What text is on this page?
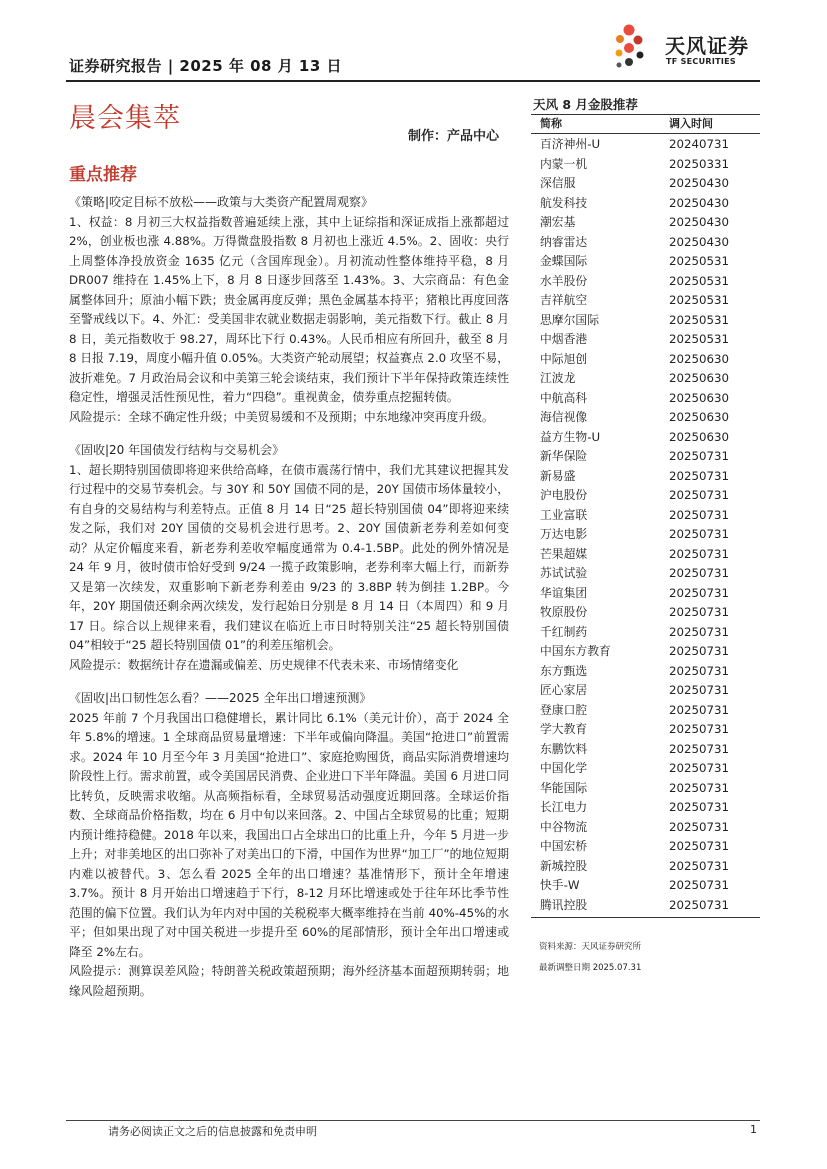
证券研究报告 | 2025 年 08 月 13 日
天风证券
TF SECURITIES
晨会集萃
制作：产品中心
重点推荐
《策略|咬定目标不放松——政策与大类资产配置周观察》
1、权益：8 月初三大权益指数普遍延续上涨，其中上证综指和深证成指上涨都超过 2%，创业板也涨 4.88%。万得微盘股指数 8 月初也上涨近 4.5%。2、固收：央行上周整体净投放资金 1635 亿元（含国库现金）。月初流动性整体维持平稳，8 月 DR007 维持在 1.45%上下，8 月 8 日逐步回落至 1.43%。3、大宗商品：有色金属整体回升；原油小幅下跌；贵金属再度反弹；黑色金属基本持平；猪粮比再度回落至警戒线以下。4、外汇：受美国非农就业数据走弱影响，美元指数下行。截止 8 月 8 日，美元指数收于 98.27，周环比下行 0.43%。人民币相应有所回升，截至 8 月 8 日报 7.19，周度小幅升值 0.05%。大类资产轮动展望；权益赛点 2.0 攻坚不易，波折难免。7 月政治局会议和中美第三轮会谈结束，我们预计下半年保持政策连续性稳定性，增强灵活性预见性，着力“四稳”。重视黄金，债券重点挖掘转债。
风险提示：全球不确定性升级；中美贸易缓和不及预期；中东地缘冲突再度升级。
《固收|20 年国债发行结构与交易机会》
1、超长期特别国债即将迎来供给高峰，在债市震荡行情中，我们尤其建议把握其发行过程中的交易节奏机会。与 30Y 和 50Y 国债不同的是，20Y 国债市场体量较小，有自身的交易结构与利差特点。正值 8 月 14 日“25 超长特别国债 04”即将迎来续发之际，我们对 20Y 国债的交易机会进行思考。2、20Y 国债新老券利差如何变动？从定价幅度来看，新老券利差收窄幅度通常为 0.4-1.5BP。此处的例外情况是 24 年 9 月，彼时债市恰好受到 9/24 一揽子政策影响，老券利率大幅上行，而新券又是第一次续发，双重影响下新老券利差由 9/23 的 3.8BP 转为倒挂 1.2BP。今年，20Y 期国债还剩余两次续发，发行起始日分别是 8 月 14 日（本周四）和 9 月 17 日。综合以上规律来看，我们建议在临近上市日时特别关注“25 超长特别国债 04”相较于“25 超长特别国债 01”的利差压缩机会。
风险提示：数据统计存在遗漏或偏差、历史规律不代表未来、市场情绪变化
《固收|出口韧性怎么看？——2025 全年出口增速预测》
2025 年前 7 个月我国出口稳健增长，累计同比 6.1%（美元计价），高于 2024 全年 5.8%的增速。1 全球商品贸易量增速：下半年或偏向降温。美国“抢进口”前置需求。2024 年 10 月至今年 3 月美国“抢进口”、家庭抢购囤货，商品实际消费增速均阶段性上行。需求前置，或令美国居民消费、企业进口下半年降温。美国 6 月进口同比转负，反映需求收缩。从高频指标看，全球贸易活动强度近期回落。全球运价指数、全球商品价格指数，均在 6 月中旬以来回落。2、中国占全球贸易的比重；短期内预计维持稳健。2018 年以来，我国出口占全球出口的比重上升，今年 5 月进一步上升；对非美地区的出口弥补了对美出口的下滑，中国作为世界“加工厂”的地位短期内难以被替代。3、怎么看 2025 全年的出口增速？基准情形下，预计全年增速 3.7%。预计 8 月开始出口增速趋于下行，8-12 月环比增速或处于往年环比季节性范围的偏下位置。我们认为年内对中国的关税税率大概率维持在当前 40%-45%的水平；但如果出现了对中国关税进一步提升至 60%的尾部情形，预计全年出口增速或降至 2%左右。
风险提示：测算误差风险；特朗普关税政策超预期；海外经济基本面超预期转弱；地缘风险超预期。
天风 8 月金股推荐
简称	调入时间
百济神州-U	20240731
内蒙一机	20250331
深信服	20250430
航发科技	20250430
潮宏基	20250430
纳睿雷达	20250430
金蝶国际	20250531
水羊股份	20250531
吉祥航空	20250531
思摩尔国际	20250531
中烟香港	20250531
中际旭创	20250630
江波龙	20250630
中航高科	20250630
海信视像	20250630
益方生物-U	20250630
新华保险	20250731
新易盛	20250731
沪电股份	20250731
工业富联	20250731
万达电影	20250731
芒果超媒	20250731
苏试试验	20250731
华谊集团	20250731
牧原股份	20250731
千红制药	20250731
中国东方教育	20250731
东方甄选	20250731
匠心家居	20250731
登康口腔	20250731
学大教育	20250731
东鹏饮料	20250731
中国化学	20250731
华能国际	20250731
长江电力	20250731
中谷物流	20250731
中国宏桥	20250731
新城控股	20250731
快手-W	20250731
腾讯控股	20250731
资料来源：天风证券研究所
最新调整日期 2025.07.31
请务必阅读正文之后的信息披露和免责申明	1
